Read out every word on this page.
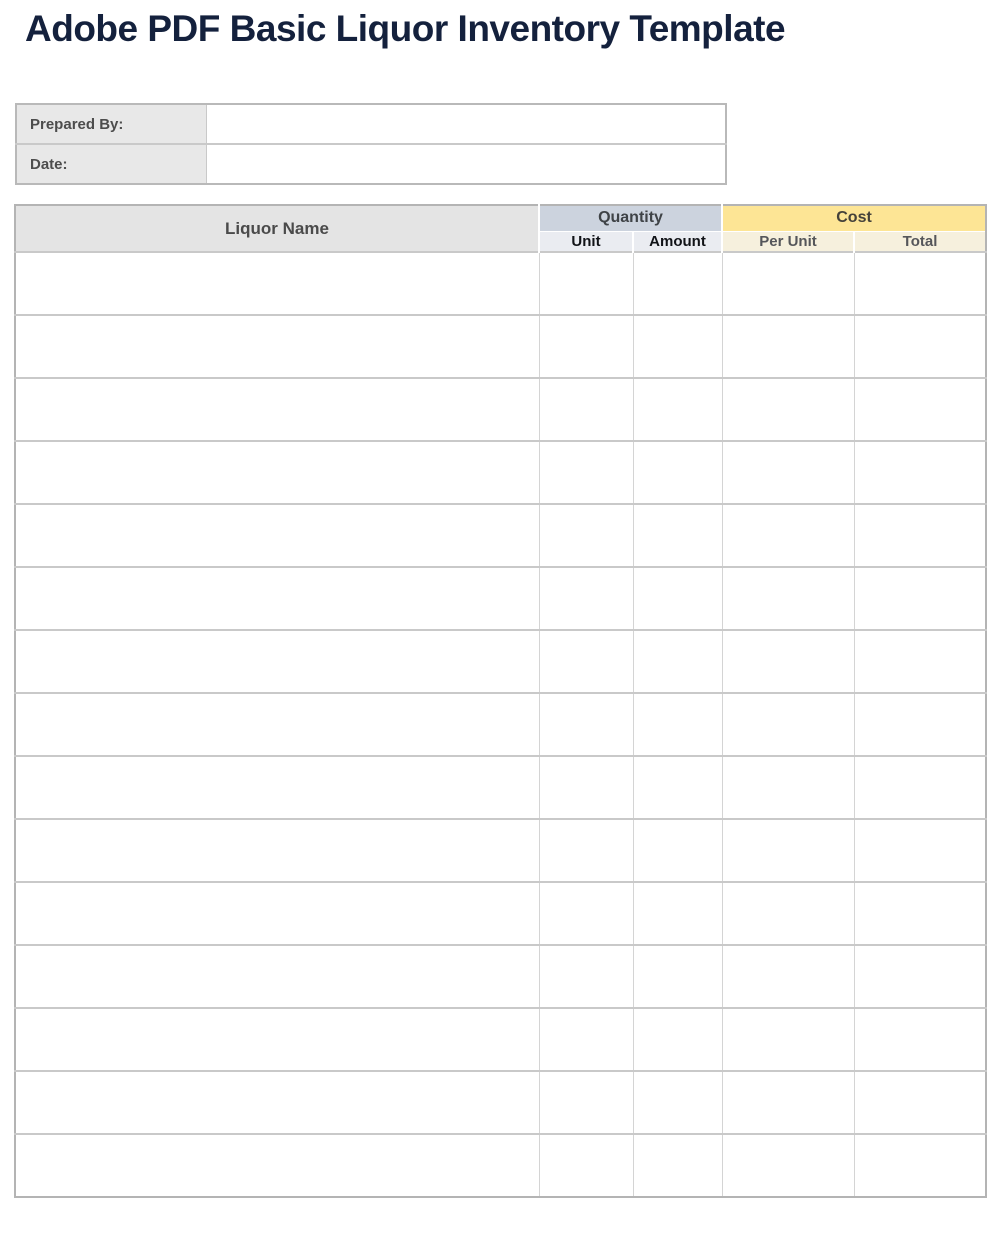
Adobe PDF Basic Liquor Inventory Template
Prepared By:	
Date:	
Liquor Name	Quantity		Cost	
	Unit	Amount	Per Unit	Total
